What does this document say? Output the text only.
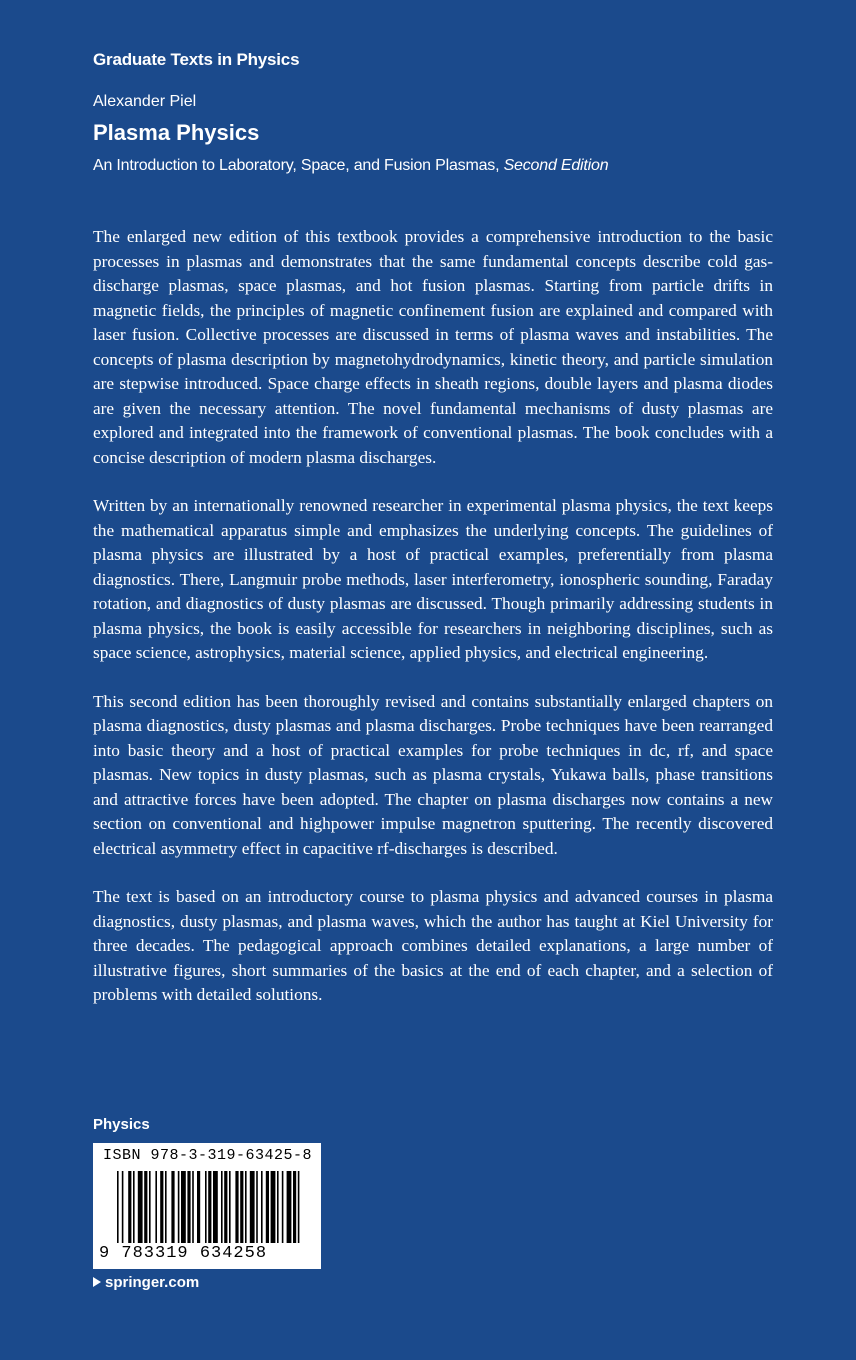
Graduate Texts in Physics
Alexander Piel
Plasma Physics
An Introduction to Laboratory, Space, and Fusion Plasmas, Second Edition

The enlarged new edition of this textbook provides a comprehensive introduction to the basic processes in plasmas and demonstrates that the same fundamental concepts describe cold gas-discharge plasmas, space plasmas, and hot fusion plasmas. Starting from particle drifts in magnetic fields, the principles of magnetic confinement fusion are explained and compared with laser fusion. Collective processes are discussed in terms of plasma waves and instabilities. The concepts of plasma description by magnetohydrodynamics, kinetic theory, and particle simulation are stepwise introduced. Space charge effects in sheath regions, double layers and plasma diodes are given the necessary attention. The novel fundamental mechanisms of dusty plasmas are explored and integrated into the framework of conventional plasmas. The book concludes with a concise description of modern plasma discharges.

Written by an internationally renowned researcher in experimental plasma physics, the text keeps the mathematical apparatus simple and emphasizes the underlying concepts. The guidelines of plasma physics are illustrated by a host of practical examples, preferentially from plasma diagnostics. There, Langmuir probe methods, laser interferometry, ionospheric sounding, Faraday rotation, and diagnostics of dusty plasmas are discussed. Though primarily addressing students in plasma physics, the book is easily accessible for researchers in neighboring disciplines, such as space science, astrophysics, material science, applied physics, and electrical engineering.

This second edition has been thoroughly revised and contains substantially enlarged chapters on plasma diagnostics, dusty plasmas and plasma discharges. Probe techniques have been rearranged into basic theory and a host of practical examples for probe techniques in dc, rf, and space plasmas. New topics in dusty plasmas, such as plasma crystals, Yukawa balls, phase transitions and attractive forces have been adopted. The chapter on plasma discharges now contains a new section on conventional and highpower impulse magnetron sputtering. The recently discovered electrical asymmetry effect in capacitive rf-discharges is described.

The text is based on an introductory course to plasma physics and advanced courses in plasma diagnostics, dusty plasmas, and plasma waves, which the author has taught at Kiel University for three decades. The pedagogical approach combines detailed explanations, a large number of illustrative figures, short summaries of the basics at the end of each chapter, and a selection of problems with detailed solutions.

Physics
ISBN 978-3-319-63425-8
9 783319 634258
springer.com
